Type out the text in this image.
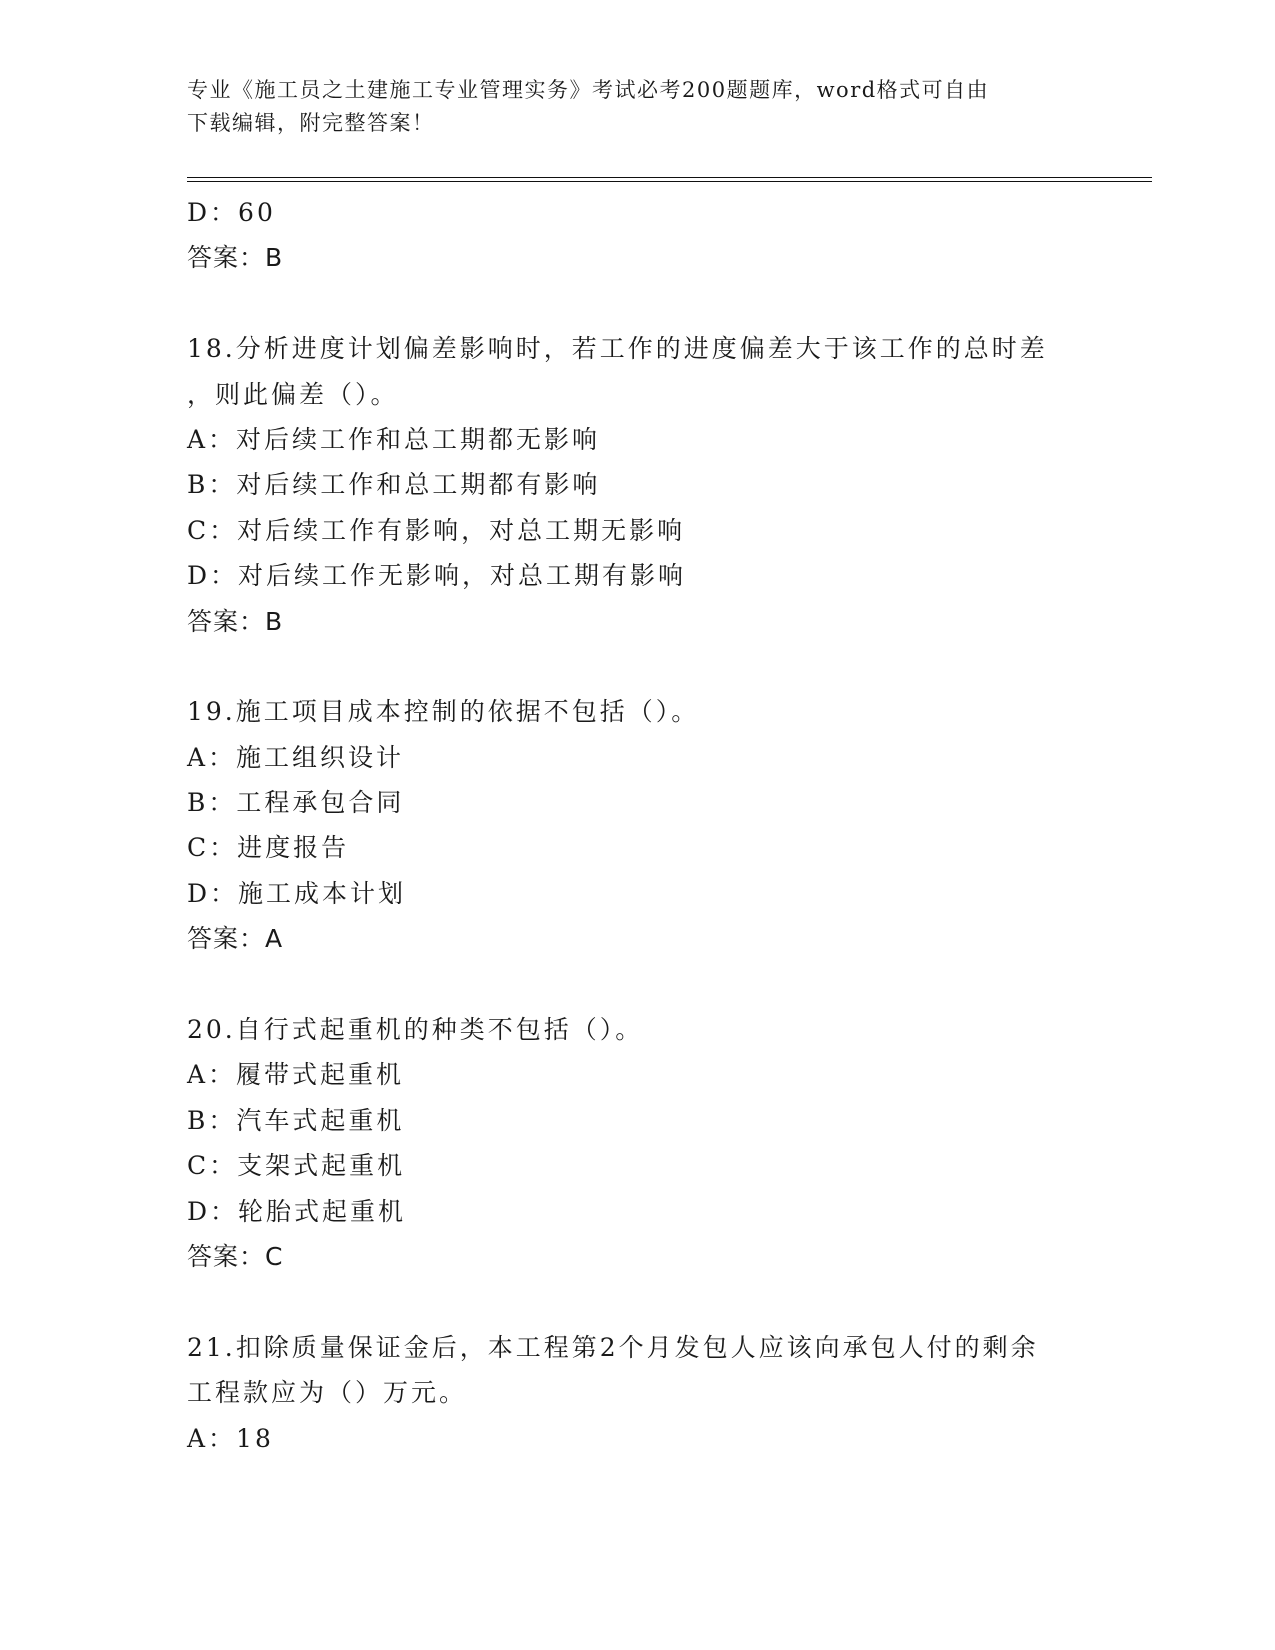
专业《施工员之土建施工专业管理实务》考试必考200题题库，word格式可自由
下载编辑，附完整答案！
D：60
答案：B
18.分析进度计划偏差影响时，若工作的进度偏差大于该工作的总时差
，则此偏差（）。
A：对后续工作和总工期都无影响
B：对后续工作和总工期都有影响
C：对后续工作有影响，对总工期无影响
D：对后续工作无影响，对总工期有影响
答案：B
19.施工项目成本控制的依据不包括（）。
A：施工组织设计
B：工程承包合同
C：进度报告
D：施工成本计划
答案：A
20.自行式起重机的种类不包括（）。
A：履带式起重机
B：汽车式起重机
C：支架式起重机
D：轮胎式起重机
答案：C
21.扣除质量保证金后，本工程第2个月发包人应该向承包人付的剩余
工程款应为（）万元。
A：18
